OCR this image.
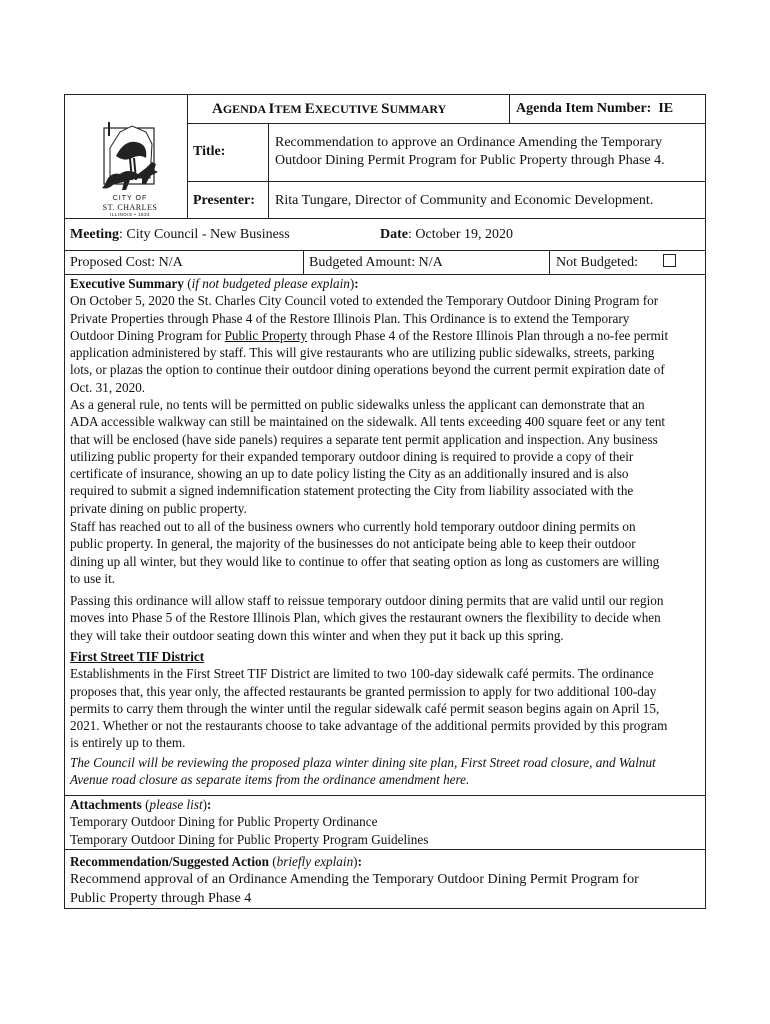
CITY OF
ST. CHARLES
ILLINOIS • 1834
AGENDA ITEM EXECUTIVE SUMMARY	Agenda Item Number: IE
Title:
Recommendation to approve an Ordinance Amending the Temporary
Outdoor Dining Permit Program for Public Property through Phase 4.
Presenter: Rita Tungare, Director of Community and Economic Development.
Meeting: City Council - New Business	Date: October 19, 2020
Proposed Cost: N/A	Budgeted Amount: N/A	Not Budgeted:

Executive Summary (if not budgeted please explain):

On October 5, 2020 the St. Charles City Council voted to extended the Temporary Outdoor Dining Program for
Private Properties through Phase 4 of the Restore Illinois Plan. This Ordinance is to extend the Temporary
Outdoor Dining Program for Public Property through Phase 4 of the Restore Illinois Plan through a no-fee permit
application administered by staff. This will give restaurants who are utilizing public sidewalks, streets, parking
lots, or plazas the option to continue their outdoor dining operations beyond the current permit expiration date of
Oct. 31, 2020.

As a general rule, no tents will be permitted on public sidewalks unless the applicant can demonstrate that an
ADA accessible walkway can still be maintained on the sidewalk. All tents exceeding 400 square feet or any tent
that will be enclosed (have side panels) requires a separate tent permit application and inspection. Any business
utilizing public property for their expanded temporary outdoor dining is required to provide a copy of their
certificate of insurance, showing an up to date policy listing the City as an additionally insured and is also
required to submit a signed indemnification statement protecting the City from liability associated with the
private dining on public property.
Staff has reached out to all of the business owners who currently hold temporary outdoor dining permits on
public property. In general, the majority of the businesses do not anticipate being able to keep their outdoor
dining up all winter, but they would like to continue to offer that seating option as long as customers are willing
to use it.
Passing this ordinance will allow staff to reissue temporary outdoor dining permits that are valid until our region
moves into Phase 5 of the Restore Illinois Plan, which gives the restaurant owners the flexibility to decide when
they will take their outdoor seating down this winter and when they put it back up this spring.
First Street TIF District
Establishments in the First Street TIF District are limited to two 100-day sidewalk café permits. The ordinance
proposes that, this year only, the affected restaurants be granted permission to apply for two additional 100-day
permits to carry them through the winter until the regular sidewalk café permit season begins again on April 15,
2021. Whether or not the restaurants choose to take advantage of the additional permits provided by this program
is entirely up to them.
The Council will be reviewing the proposed plaza winter dining site plan, First Street road closure, and Walnut
Avenue road closure as separate items from the ordinance amendment here.
Attachments (please list):
Temporary Outdoor Dining for Public Property Ordinance
Temporary Outdoor Dining for Public Property Program Guidelines
Recommendation/Suggested Action (briefly explain):
Recommend approval of an Ordinance Amending the Temporary Outdoor Dining Permit Program for
Public Property through Phase 4
